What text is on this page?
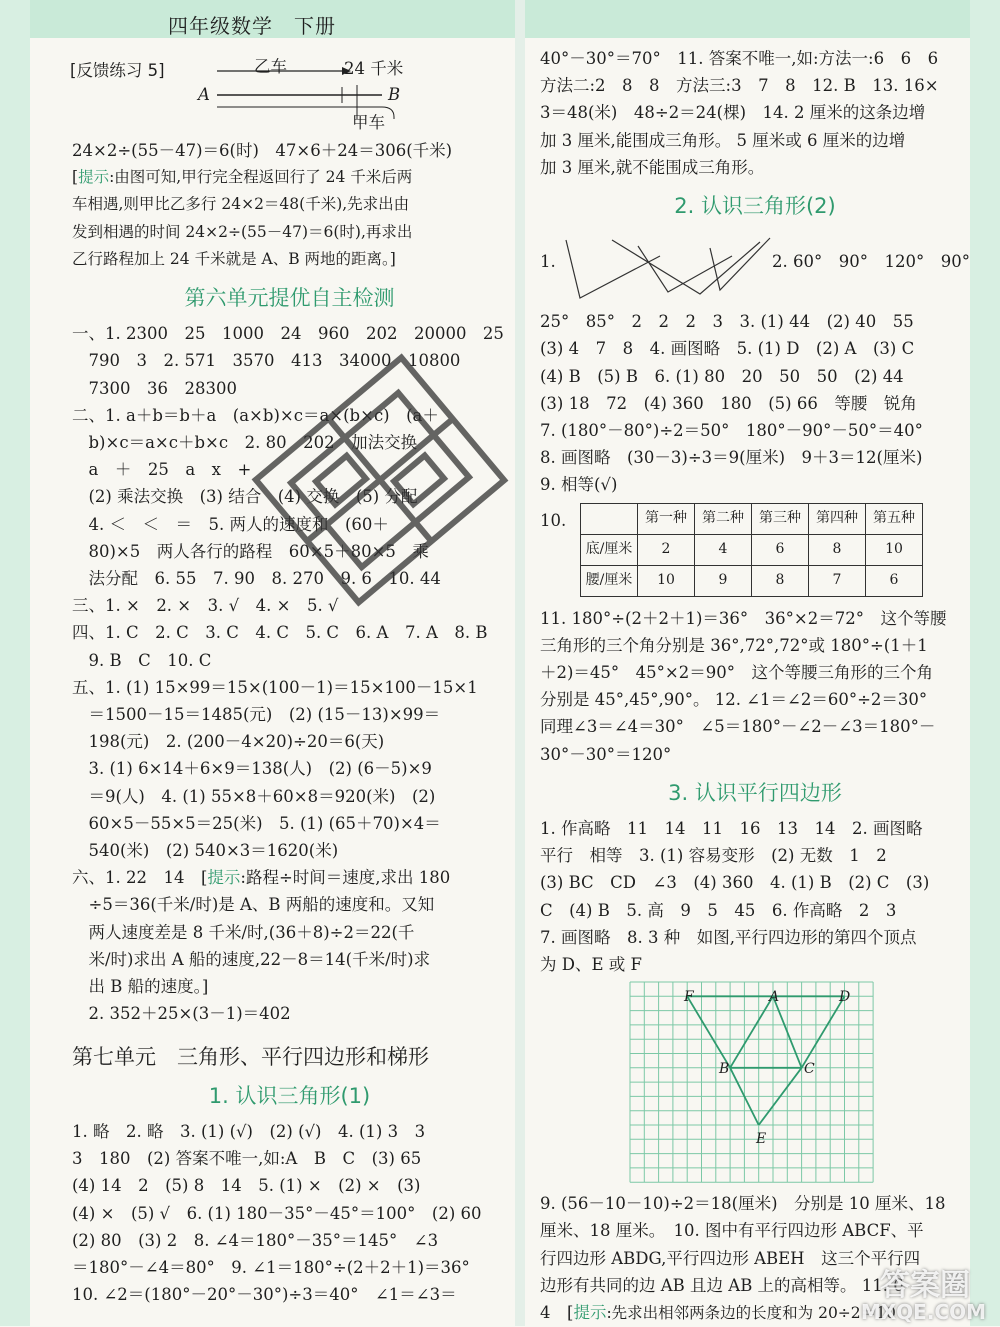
四年级数学　下册
[反馈练习 5]	乙车	24 千米
A	B
甲车

24×2÷(55－47)＝6(时)　47×6＋24＝306(千米)

[提示:由图可知,甲行完全程返回行了 24 千米后两

车相遇,则甲比乙多行 24×2＝48(千米),先求出由

发到相遇的时间 24×2÷(55－47)＝6(时),再求出

乙行路程加上 24 千米就是 A、B 两地的距离。]

第六单元提优自主检测

一、1. 2300　25　1000　24　960　202　20000　25

　790　3　2. 571　3570　413　34000　10800

　7300　36　28300

二、1. a＋b＝b＋a　(a×b)×c＝a×(b×c)　(a＋

　b)×c＝a×c＋b×c　2. 80　202　加法交换

　a　＋　25　a　x　+

　(2) 乘法交换　(3) 结合　(4) 交换　(5) 分配

　4. ＜　＜　＝　5. 两人的速度和　(60＋

　80)×5　两人各行的路程　60×5＋80×5　乘

　法分配　6. 55　7. 90　8. 270　9. 6　10. 44

三、1. ×　2. ×　3. √　4. ×　5. √

四、1. C　2. C　3. C　4. C　5. C　6. A　7. A　8. B

　9. B　C　10. C

五、1. (1) 15×99＝15×(100－1)＝15×100－15×1

　＝1500－15＝1485(元)　(2) (15－13)×99＝

　198(元)　2. (200－4×20)÷20＝6(天)

　3. (1) 6×14＋6×9＝138(人)　(2) (6－5)×9

　＝9(人)　4. (1) 55×8＋60×8＝920(米)　(2)

　60×5－55×5＝25(米)　5. (1) (65＋70)×4＝

　540(米)　(2) 540×3＝1620(米)

六、1. 22　14　[提示:路程÷时间＝速度,求出 180

　÷5＝36(千米/时)是 A、B 两船的速度和。又知

　两人速度差是 8 千米/时,(36＋8)÷2＝22(千

　米/时)求出 A 船的速度,22－8＝14(千米/时)求

　出 B 船的速度。]

　2. 352＋25×(3－1)＝402

第七单元　三角形、平行四边形和梯形

1. 认识三角形(1)

1. 略　2. 略　3. (1) (√)　(2) (√)　4. (1) 3　3

3　180　(2) 答案不唯一,如:A　B　C　(3) 65

(4) 14　2　(5) 8　14　5. (1) ×　(2) ×　(3)

(4) ×　(5) √　6. (1) 180－35°－45°＝100°　(2) 60

(2) 80　(3) 2　8. ∠4＝180°－35°＝145°　∠3

＝180°－∠4＝80°　9. ∠1＝180°÷(2＋2＋1)＝36°

10. ∠2＝(180°－20°－30°)÷3＝40°　∠1＝∠3＝

40°－30°＝70°　11. 答案不唯一,如:方法一:6　6　6

方法二:2　8　8　方法三:3　7　8　12. B　13. 16×

3＝48(米)　48÷2＝24(棵)　14. 2 厘米的这条边增

加 3 厘米,能围成三角形。 5 厘米或 6 厘米的边增

加 3 厘米,就不能围成三角形。

2. 认识三角形(2)

1.	2. 60°　90°　120°　90°

25°　85°　2　2　2　3　3. (1) 44　(2) 40　55

(3) 4　7　8　4. 画图略　5. (1) D　(2) A　(3) C

(4) B　(5) B　6. (1) 80　20　50　50　(2) 44

(3) 18　72　(4) 360　180　(5) 66　等腰　锐角

7. (180°－80°)÷2＝50°　180°－90°－50°＝40°

8. 画图略　(30－3)÷3＝9(厘米)　9＋3＝12(厘米)

9. 相等(√)

10.
		第一种	第二种	第三种	第四种	第五种
底/厘米	2	4	6	8	10
腰/厘米	10	9	8	7	6

11. 180°÷(2＋2＋1)＝36°　36°×2＝72°　这个等腰

三角形的三个角分别是 36°,72°,72°或 180°÷(1＋1

＋2)＝45°　45°×2＝90°　这个等腰三角形的三个角

分别是 45°,45°,90°。 12. ∠1＝∠2＝60°÷2＝30°

同理∠3＝∠4＝30°　∠5＝180°－∠2－∠3＝180°－

30°－30°＝120°

3. 认识平行四边形

1. 作高略　11　14　11　16　13　14　2. 画图略

平行　相等　3. (1) 容易变形　(2) 无数　1　2

(3) BC　CD　∠3　(4) 360　4. (1) B　(2) C　(3)

C　(4) B　5. 高　9　5　45　6. 作高略　2　3

7. 画图略　8. 3 种　如图,平行四边形的第四个顶点

为 D、E 或 F

F	A	D
B	C
E

9. (56－10－10)÷2＝18(厘米)　分别是 10 厘米、18

厘米、18 厘米。　10. 图中有平行四边形 ABCF、平

行四边形 ABDG,平行四边形 ABEH　这三个平行四

边形有共同的边 AB 且边 AB 上的高相等。 11. 6

4　[提示:先求出相邻两条边的长度和为 20÷2＝10

答案圈
MXQE.COM
